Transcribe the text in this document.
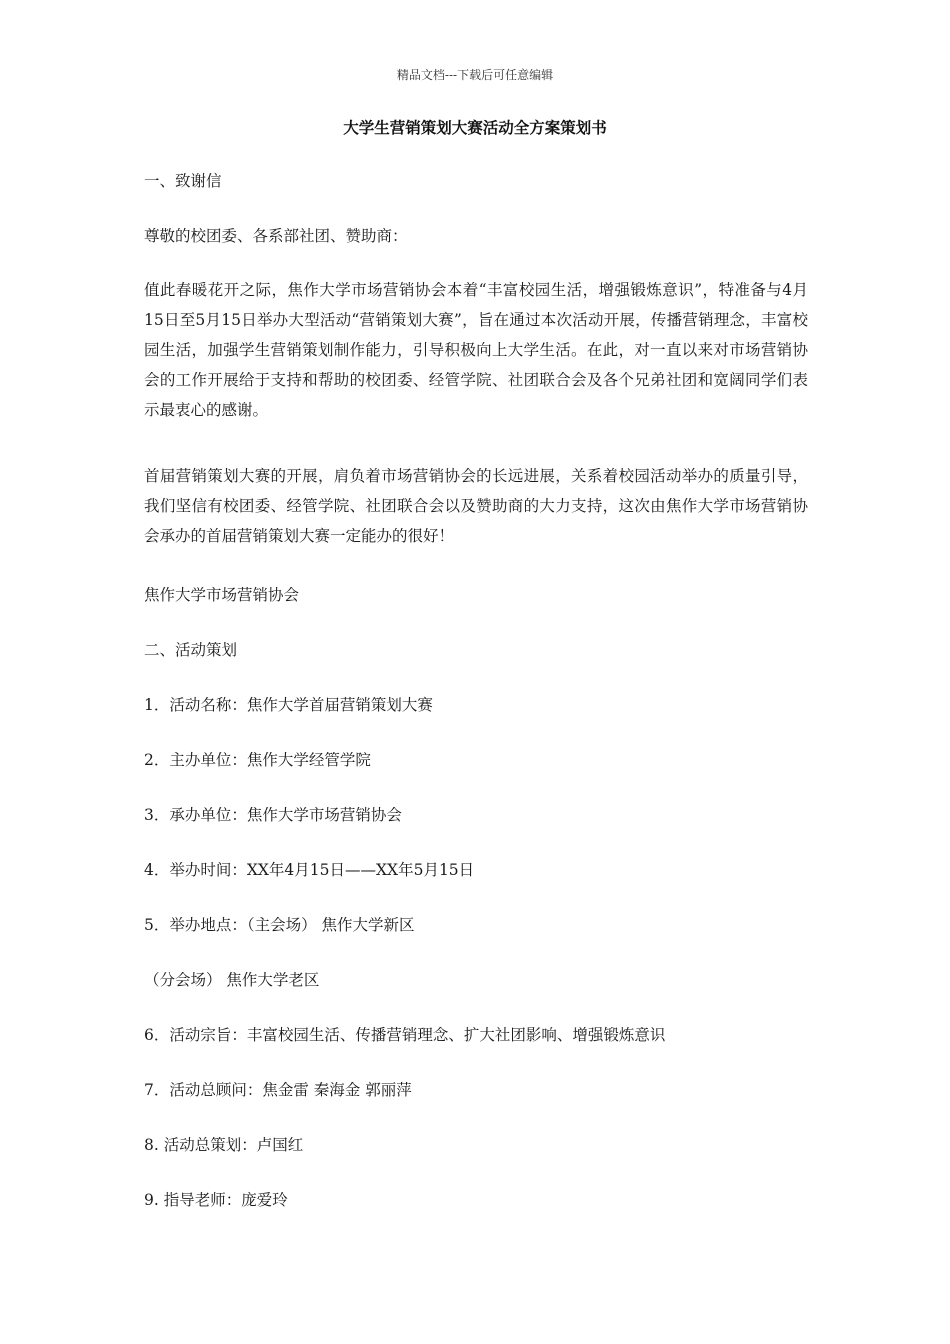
精品文档---下载后可任意编辑
大学生营销策划大赛活动全方案策划书
一、致谢信
尊敬的校团委、各系部社团、赞助商：
值此春暖花开之际，焦作大学市场营销协会本着“丰富校园生活，增强锻炼意识”，特准备与4月15日至5月15日举办大型活动“营销策划大赛”，旨在通过本次活动开展，传播营销理念，丰富校园生活，加强学生营销策划制作能力，引导积极向上大学生活。在此，对一直以来对市场营销协会的工作开展给于支持和帮助的校团委、经管学院、社团联合会及各个兄弟社团和宽阔同学们表示最衷心的感谢。
首届营销策划大赛的开展，肩负着市场营销协会的长远进展，关系着校园活动举办的质量引导，我们坚信有校团委、经管学院、社团联合会以及赞助商的大力支持，这次由焦作大学市场营销协会承办的首届营销策划大赛一定能办的很好！
焦作大学市场营销协会
二、活动策划
1．活动名称：焦作大学首届营销策划大赛
2．主办单位：焦作大学经管学院
3．承办单位：焦作大学市场营销协会
4．举办时间：XX年4月15日——XX年5月15日
5．举办地点：（主会场） 焦作大学新区
（分会场） 焦作大学老区
6．活动宗旨：丰富校园生活、传播营销理念、扩大社团影响、增强锻炼意识
7．活动总顾问：焦金雷 秦海金 郭丽萍
8. 活动总策划：卢国红
9. 指导老师：庞爱玲
